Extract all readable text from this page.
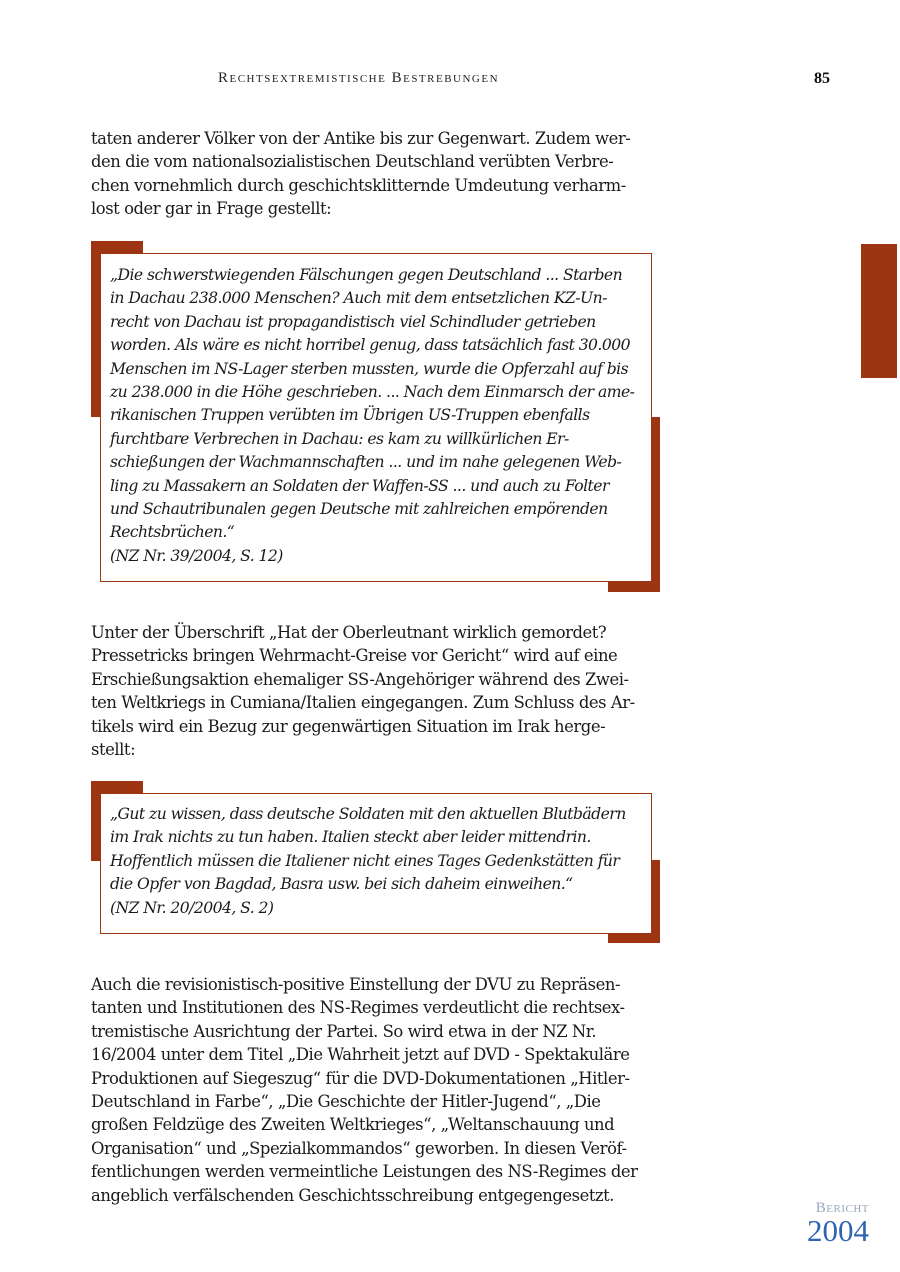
Rechtsextremistische Bestrebungen	85
taten anderer Völker von der Antike bis zur Gegenwart. Zudem wer-
den die vom nationalsozialistischen Deutschland verübten Verbre-
chen vornehmlich durch geschichtsklitternde Umdeutung verharm-
lost oder gar in Frage gestellt:
„Die schwerstwiegenden Fälschungen gegen Deutschland ... Starben
in Dachau 238.000 Menschen? Auch mit dem entsetzlichen KZ-Un-
recht von Dachau ist propagandistisch viel Schindluder getrieben
worden. Als wäre es nicht horribel genug, dass tatsächlich fast 30.000
Menschen im NS-Lager sterben mussten, wurde die Opferzahl auf bis
zu 238.000 in die Höhe geschrieben. ... Nach dem Einmarsch der ame-
rikanischen Truppen verübten im Übrigen US-Truppen ebenfalls
furchtbare Verbrechen in Dachau: es kam zu willkürlichen Er-
schießungen der Wachmannschaften ... und im nahe gelegenen Web-
ling zu Massakern an Soldaten der Waffen-SS ... und auch zu Folter
und Schautribunalen gegen Deutsche mit zahlreichen empörenden
Rechtsbrüchen.“
(NZ Nr. 39/2004, S. 12)
Unter der Überschrift „Hat der Oberleutnant wirklich gemordet?
Pressetricks bringen Wehrmacht-Greise vor Gericht“ wird auf eine
Erschießungsaktion ehemaliger SS-Angehöriger während des Zwei-
ten Weltkriegs in Cumiana/Italien eingegangen. Zum Schluss des Ar-
tikels wird ein Bezug zur gegenwärtigen Situation im Irak herge-
stellt:
„Gut zu wissen, dass deutsche Soldaten mit den aktuellen Blutbädern
im Irak nichts zu tun haben. Italien steckt aber leider mittendrin.
Hoffentlich müssen die Italiener nicht eines Tages Gedenkstätten für
die Opfer von Bagdad, Basra usw. bei sich daheim einweihen.“
(NZ Nr. 20/2004, S. 2)
Auch die revisionistisch-positive Einstellung der DVU zu Repräsen-
tanten und Institutionen des NS-Regimes verdeutlicht die rechtsex-
tremistische Ausrichtung der Partei. So wird etwa in der NZ Nr.
16/2004 unter dem Titel „Die Wahrheit jetzt auf DVD - Spektakuläre
Produktionen auf Siegeszug“ für die DVD-Dokumentationen „Hitler-
Deutschland in Farbe“, „Die Geschichte der Hitler-Jugend“, „Die
großen Feldzüge des Zweiten Weltkrieges“, „Weltanschauung und
Organisation“ und „Spezialkommandos“ geworben. In diesen Veröf-
fentlichungen werden vermeintliche Leistungen des NS-Regimes der
angeblich verfälschenden Geschichtsschreibung entgegengesetzt.
Bericht
2004
